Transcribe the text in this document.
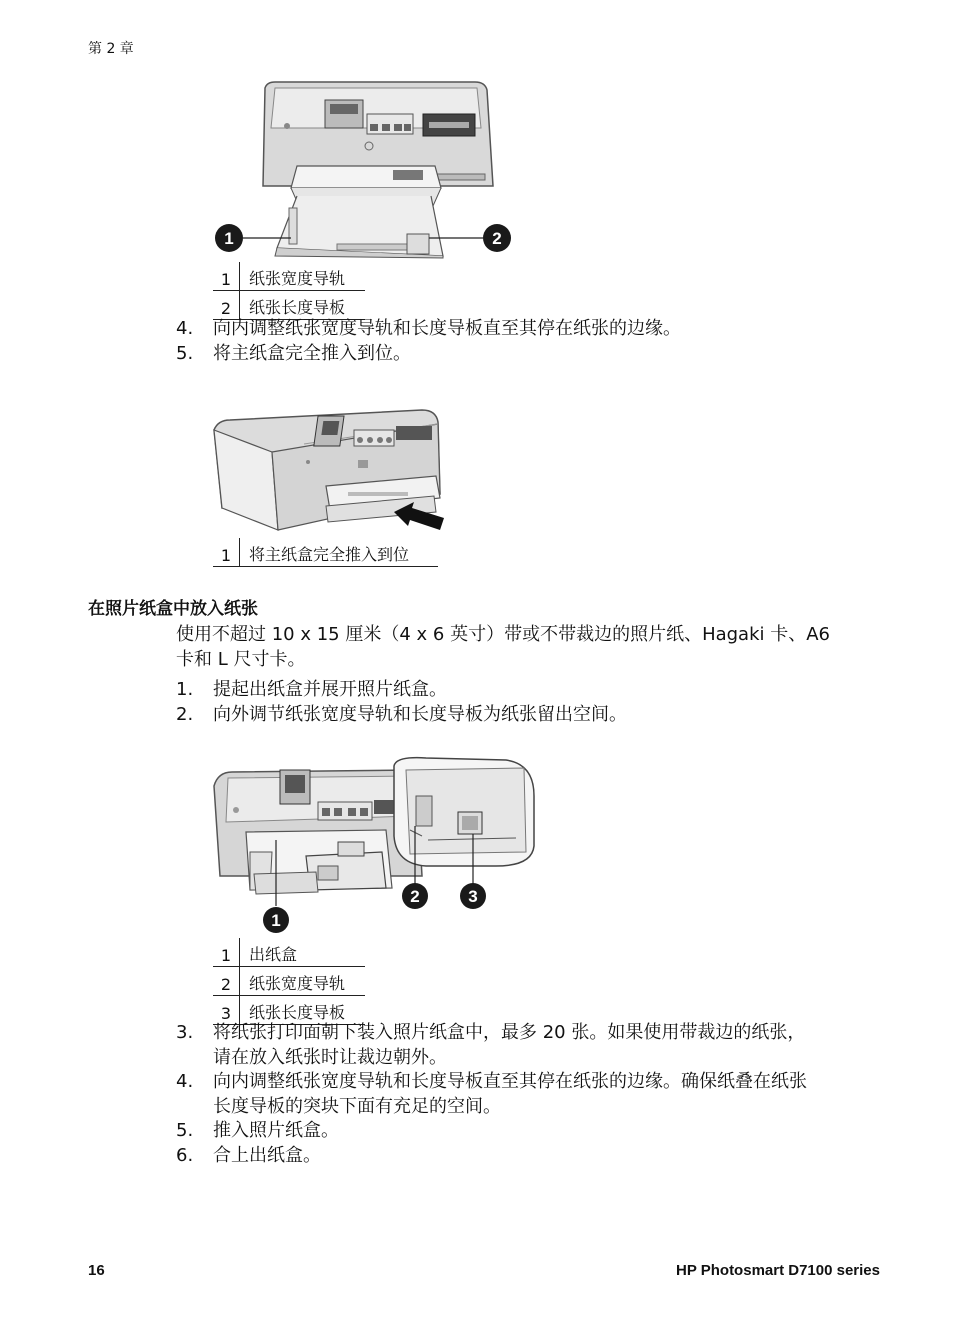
第 2 章
1	2
1	纸张宽度导轨
2	纸张长度导板
4.	向内调整纸张宽度导轨和长度导板直至其停在纸张的边缘。
5.	将主纸盒完全推入到位。
1	将主纸盒完全推入到位
在照片纸盒中放入纸张
使用不超过 10 x 15 厘米（4 x 6 英寸）带或不带裁边的照片纸、Hagaki 卡、A6
卡和 L 尺寸卡。
1.	提起出纸盒并展开照片纸盒。
2.	向外调节纸张宽度导轨和长度导板为纸张留出空间。
2	3
1
1	出纸盒
2	纸张宽度导轨
3	纸张长度导板
3.	将纸张打印面朝下装入照片纸盒中，最多 20 张。如果使用带裁边的纸张，
请在放入纸张时让裁边朝外。
4.	向内调整纸张宽度导轨和长度导板直至其停在纸张的边缘。确保纸叠在纸张
长度导板的突块下面有充足的空间。
5.	推入照片纸盒。
6.	合上出纸盒。
16	HP Photosmart D7100 series
